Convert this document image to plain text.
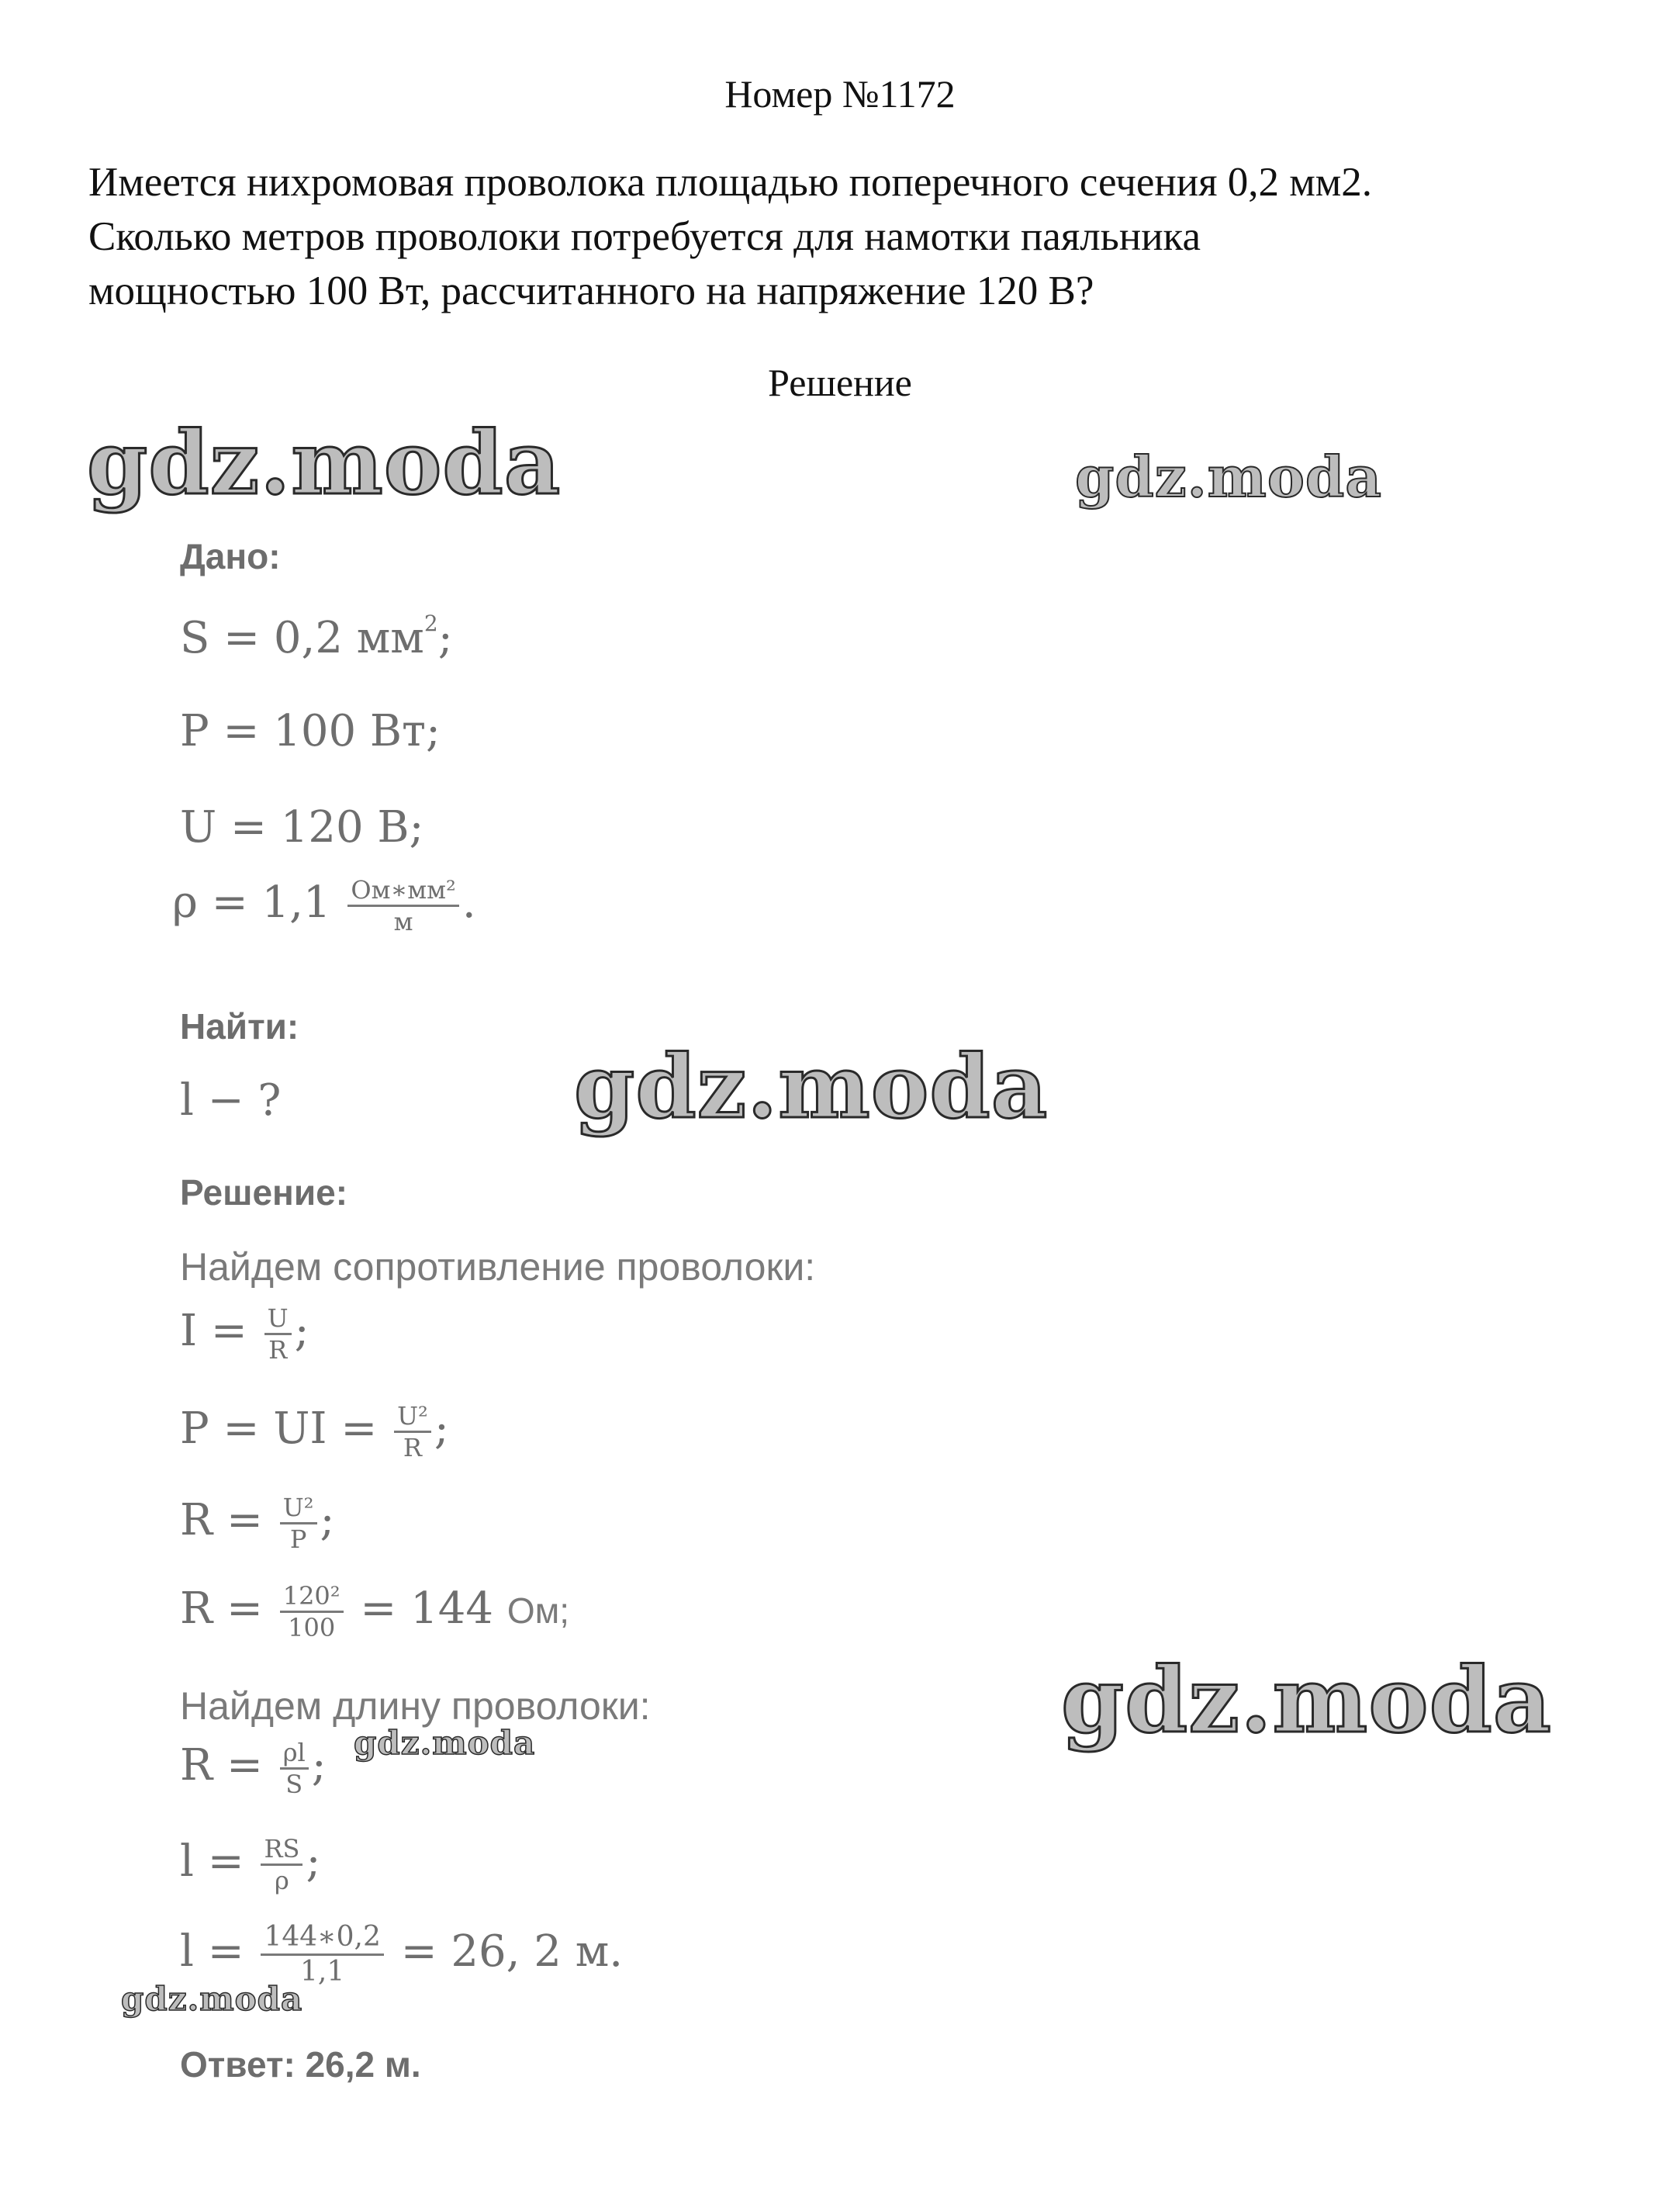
Номер №1172

Имеется нихромовая проволока площадью поперечного сечения 0,2 мм2.
Сколько метров проволоки потребуется для намотки паяльника
мощностью 100 Вт, рассчитанного на напряжение 120 В?

Решение
gdz.moda	gdz.moda
gdz.moda
gdz.moda
gdz.moda
gdz.moda
Дано:
S = 0,2 $мм^2$;
P = 100 Вт;
U = 120 В;
$\rho = 1,1 \frac{\text{Ом∗мм²}}{м}$ .
Найти:
l − ?
Решение:
Найдем сопротивление проволоки:
$I = \frac{U}{R}$ ;
P = UI = $\frac{\text{U²}}{R}$ ;
$R = \frac{\text{U²}}{P}$ ;
$R = \frac{\text{120²}}{100} = 144$ Ом;
Найдем длину проволоки:
$R = \frac{\rho l}{S}$ ;
$l = \frac{RS}{\rho}$ ;
$l = \frac{144∗0,2}{1,1} = 26$, 2 м.
Ответ: 26,2 м.
